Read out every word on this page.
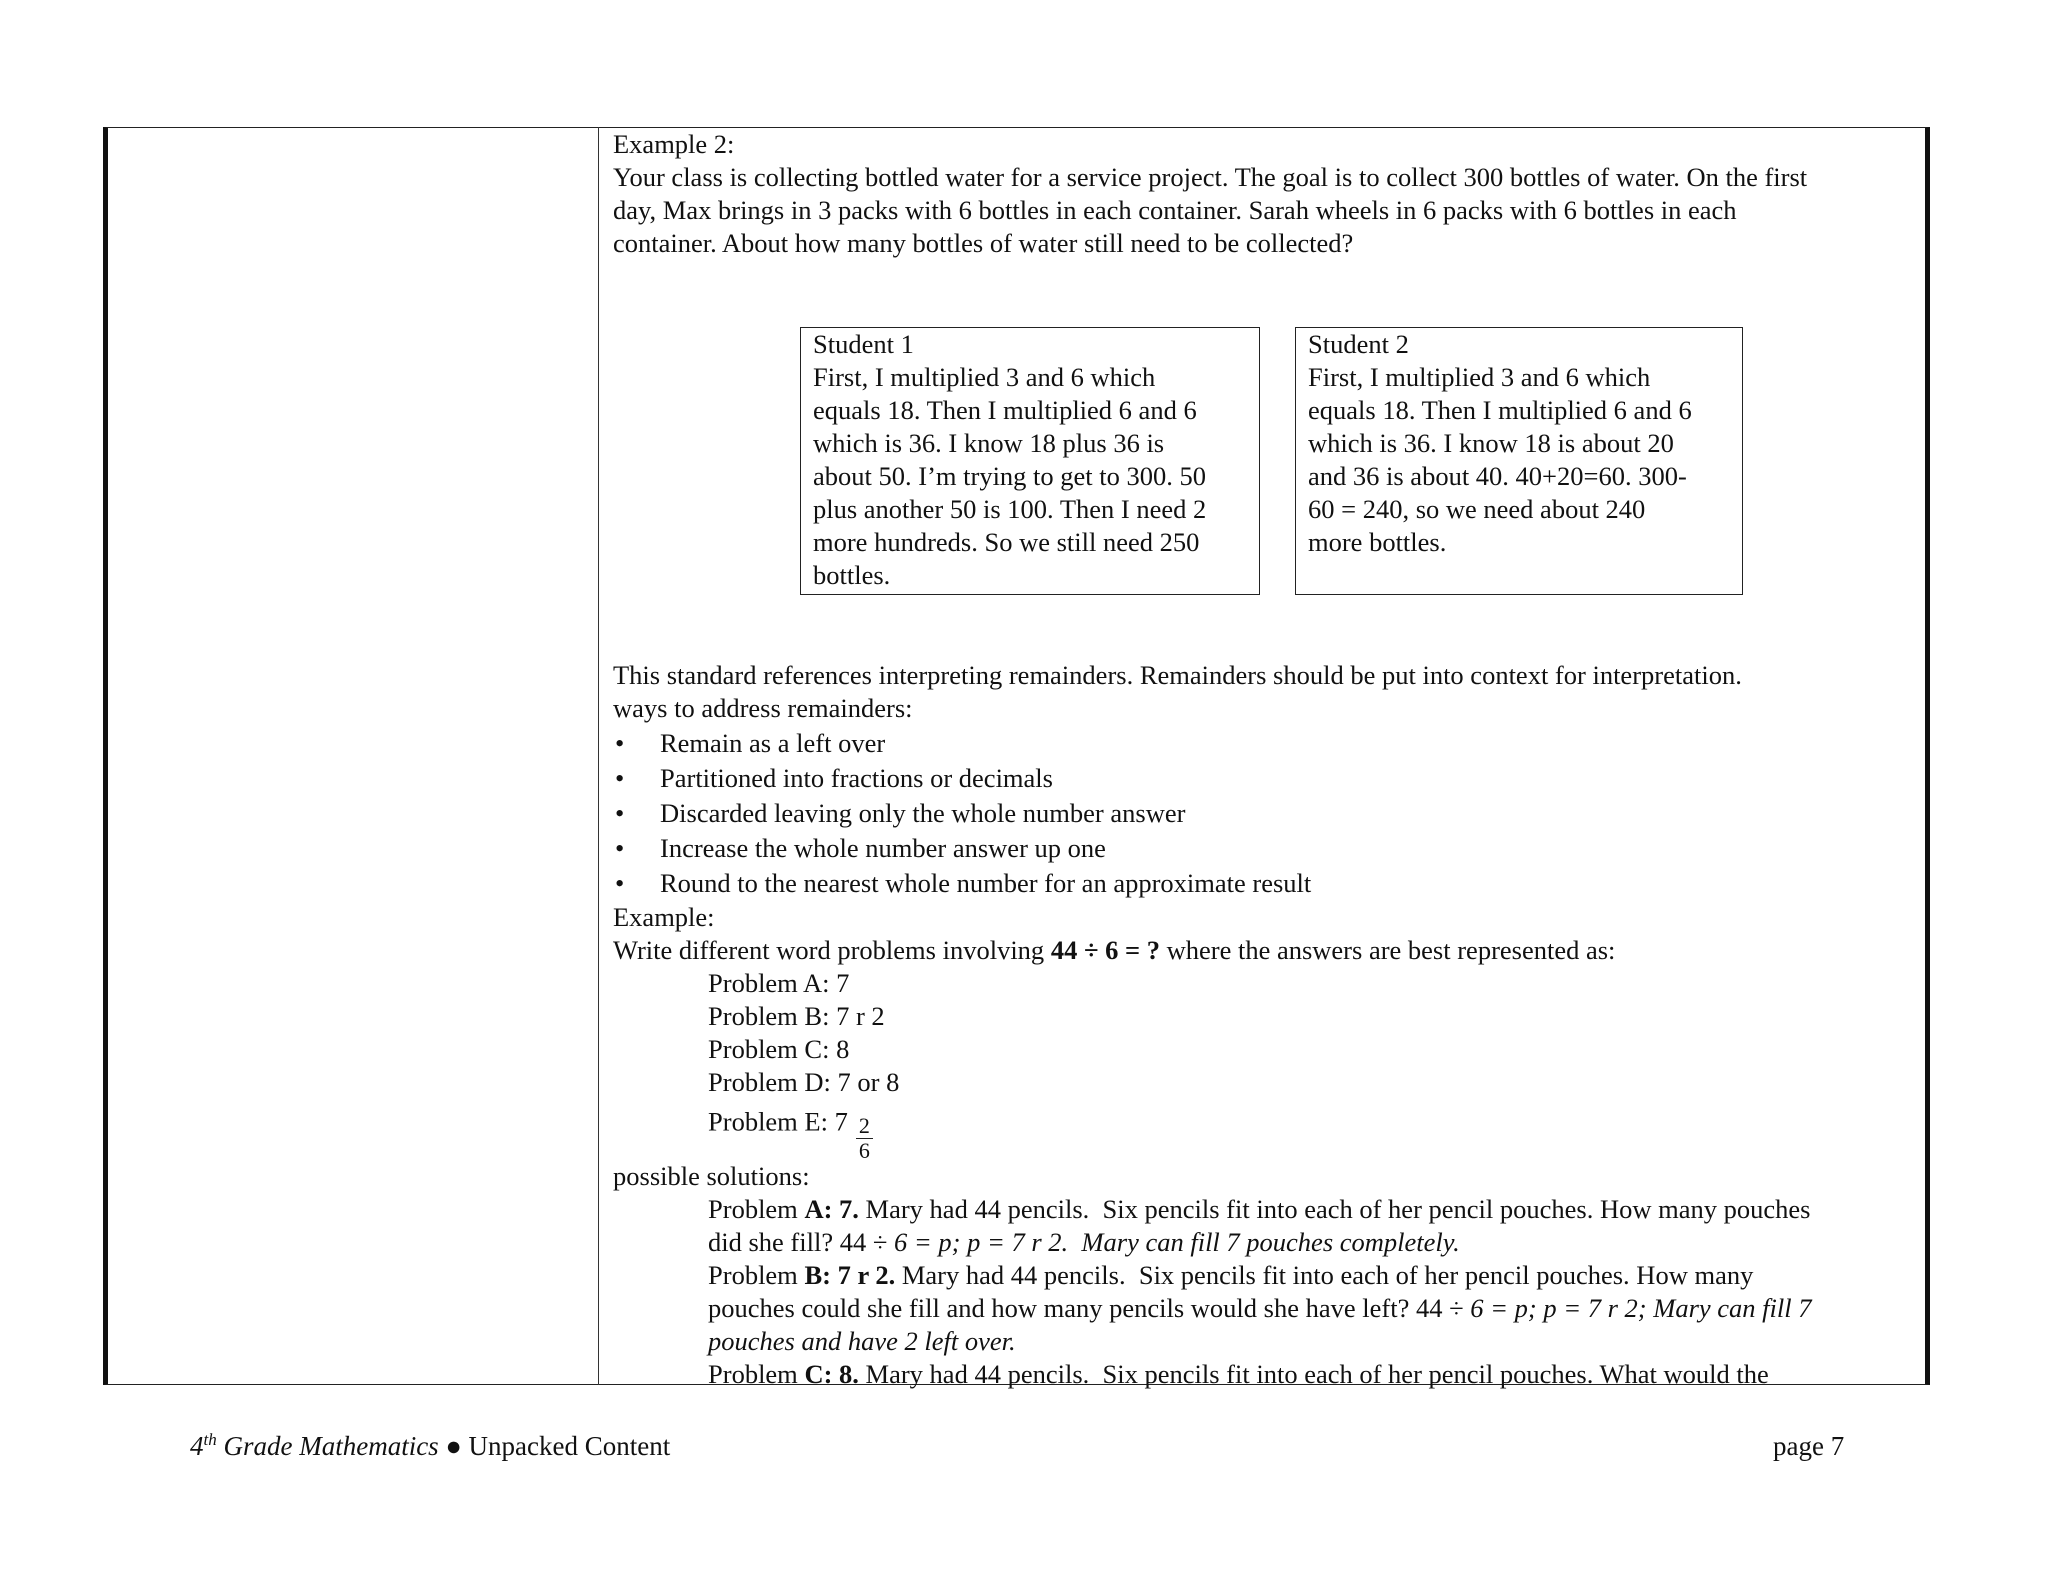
Example 2:

Your class is collecting bottled water for a service project. The goal is to collect 300 bottles of water. On the first

day, Max brings in 3 packs with 6 bottles in each container. Sarah wheels in 6 packs with 6 bottles in each

container. About how many bottles of water still need to be collected?

Student 1

First, I multiplied 3 and 6 which

equals 18. Then I multiplied 6 and 6

which is 36. I know 18 plus 36 is

about 50. I’m trying to get to 300. 50

plus another 50 is 100. Then I need 2

more hundreds. So we still need 250

bottles.

Student 2

First, I multiplied 3 and 6 which

equals 18. Then I multiplied 6 and 6

which is 36. I know 18 is about 20

and 36 is about 40. 40+20=60. 300-

60 = 240, so we need about 240

more bottles.

This standard references interpreting remainders. Remainders should be put into context for interpretation.

ways to address remainders:

• Remain as a left over
• Partitioned into fractions or decimals
• Discarded leaving only the whole number answer
• Increase the whole number answer up one
• Round to the nearest whole number for an approximate result

Example:

Write different word problems involving 44 ÷ 6 = ? where the answers are best represented as:

Problem A: 7

Problem B: 7 r 2

Problem C: 8

Problem D: 7 or 8

Problem E: $7 \frac{2}{6}$

possible solutions:

Problem A: 7. Mary had 44 pencils.  Six pencils fit into each of her pencil pouches. How many pouches

did she fill? 44 ÷ 6 = p; p = 7 r 2.  Mary can fill 7 pouches completely.

Problem B: 7 r 2. Mary had 44 pencils.  Six pencils fit into each of her pencil pouches. How many

pouches could she fill and how many pencils would she have left? 44 ÷ 6 = p; p = 7 r 2; Mary can fill 7

pouches and have 2 left over.

Problem C: 8. Mary had 44 pencils.  Six pencils fit into each of her pencil pouches. What would the

4th Grade Mathematics ● Unpacked Content	page 7
